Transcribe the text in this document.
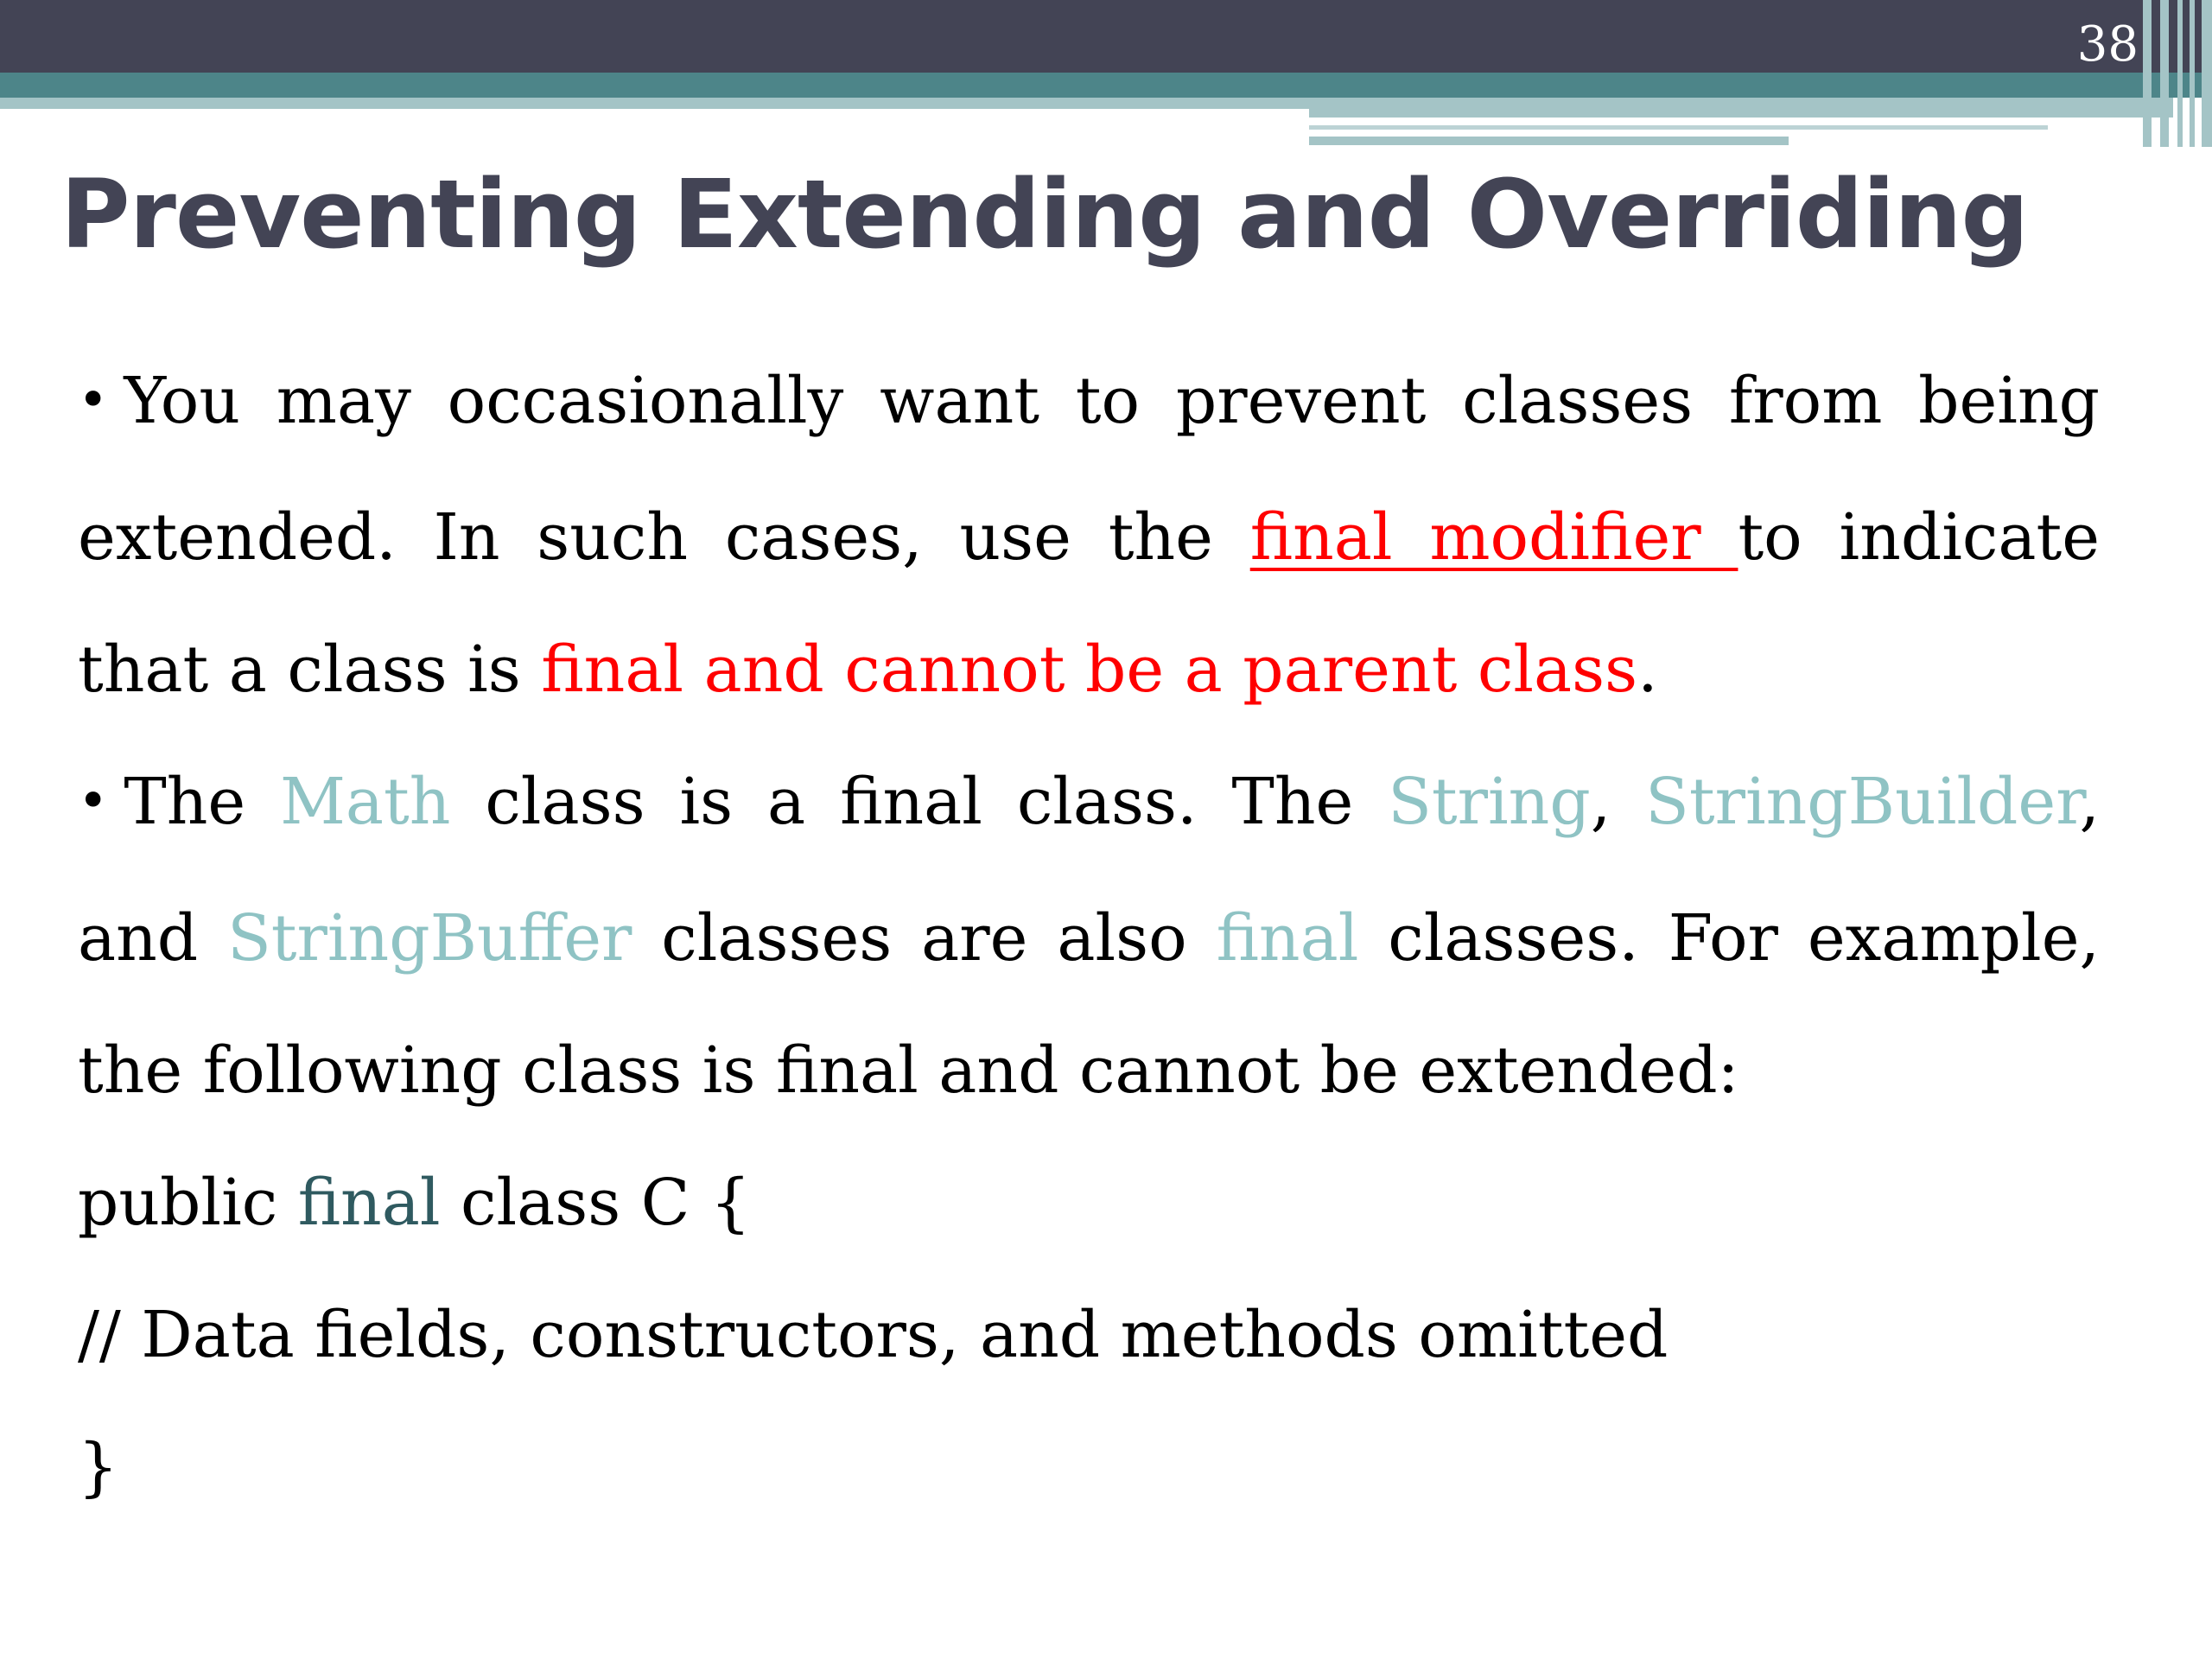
38
Preventing Extending and Overriding

• You may occasionally want to prevent classes from being extended. In such cases, use the final modifier to indicate that a class is final and cannot be a parent class.

• The Math class is a final class. The String, StringBuilder, and StringBuffer classes are also final classes. For example, the following class is final and cannot be extended:

public final class C {

// Data fields, constructors, and methods omitted

}
